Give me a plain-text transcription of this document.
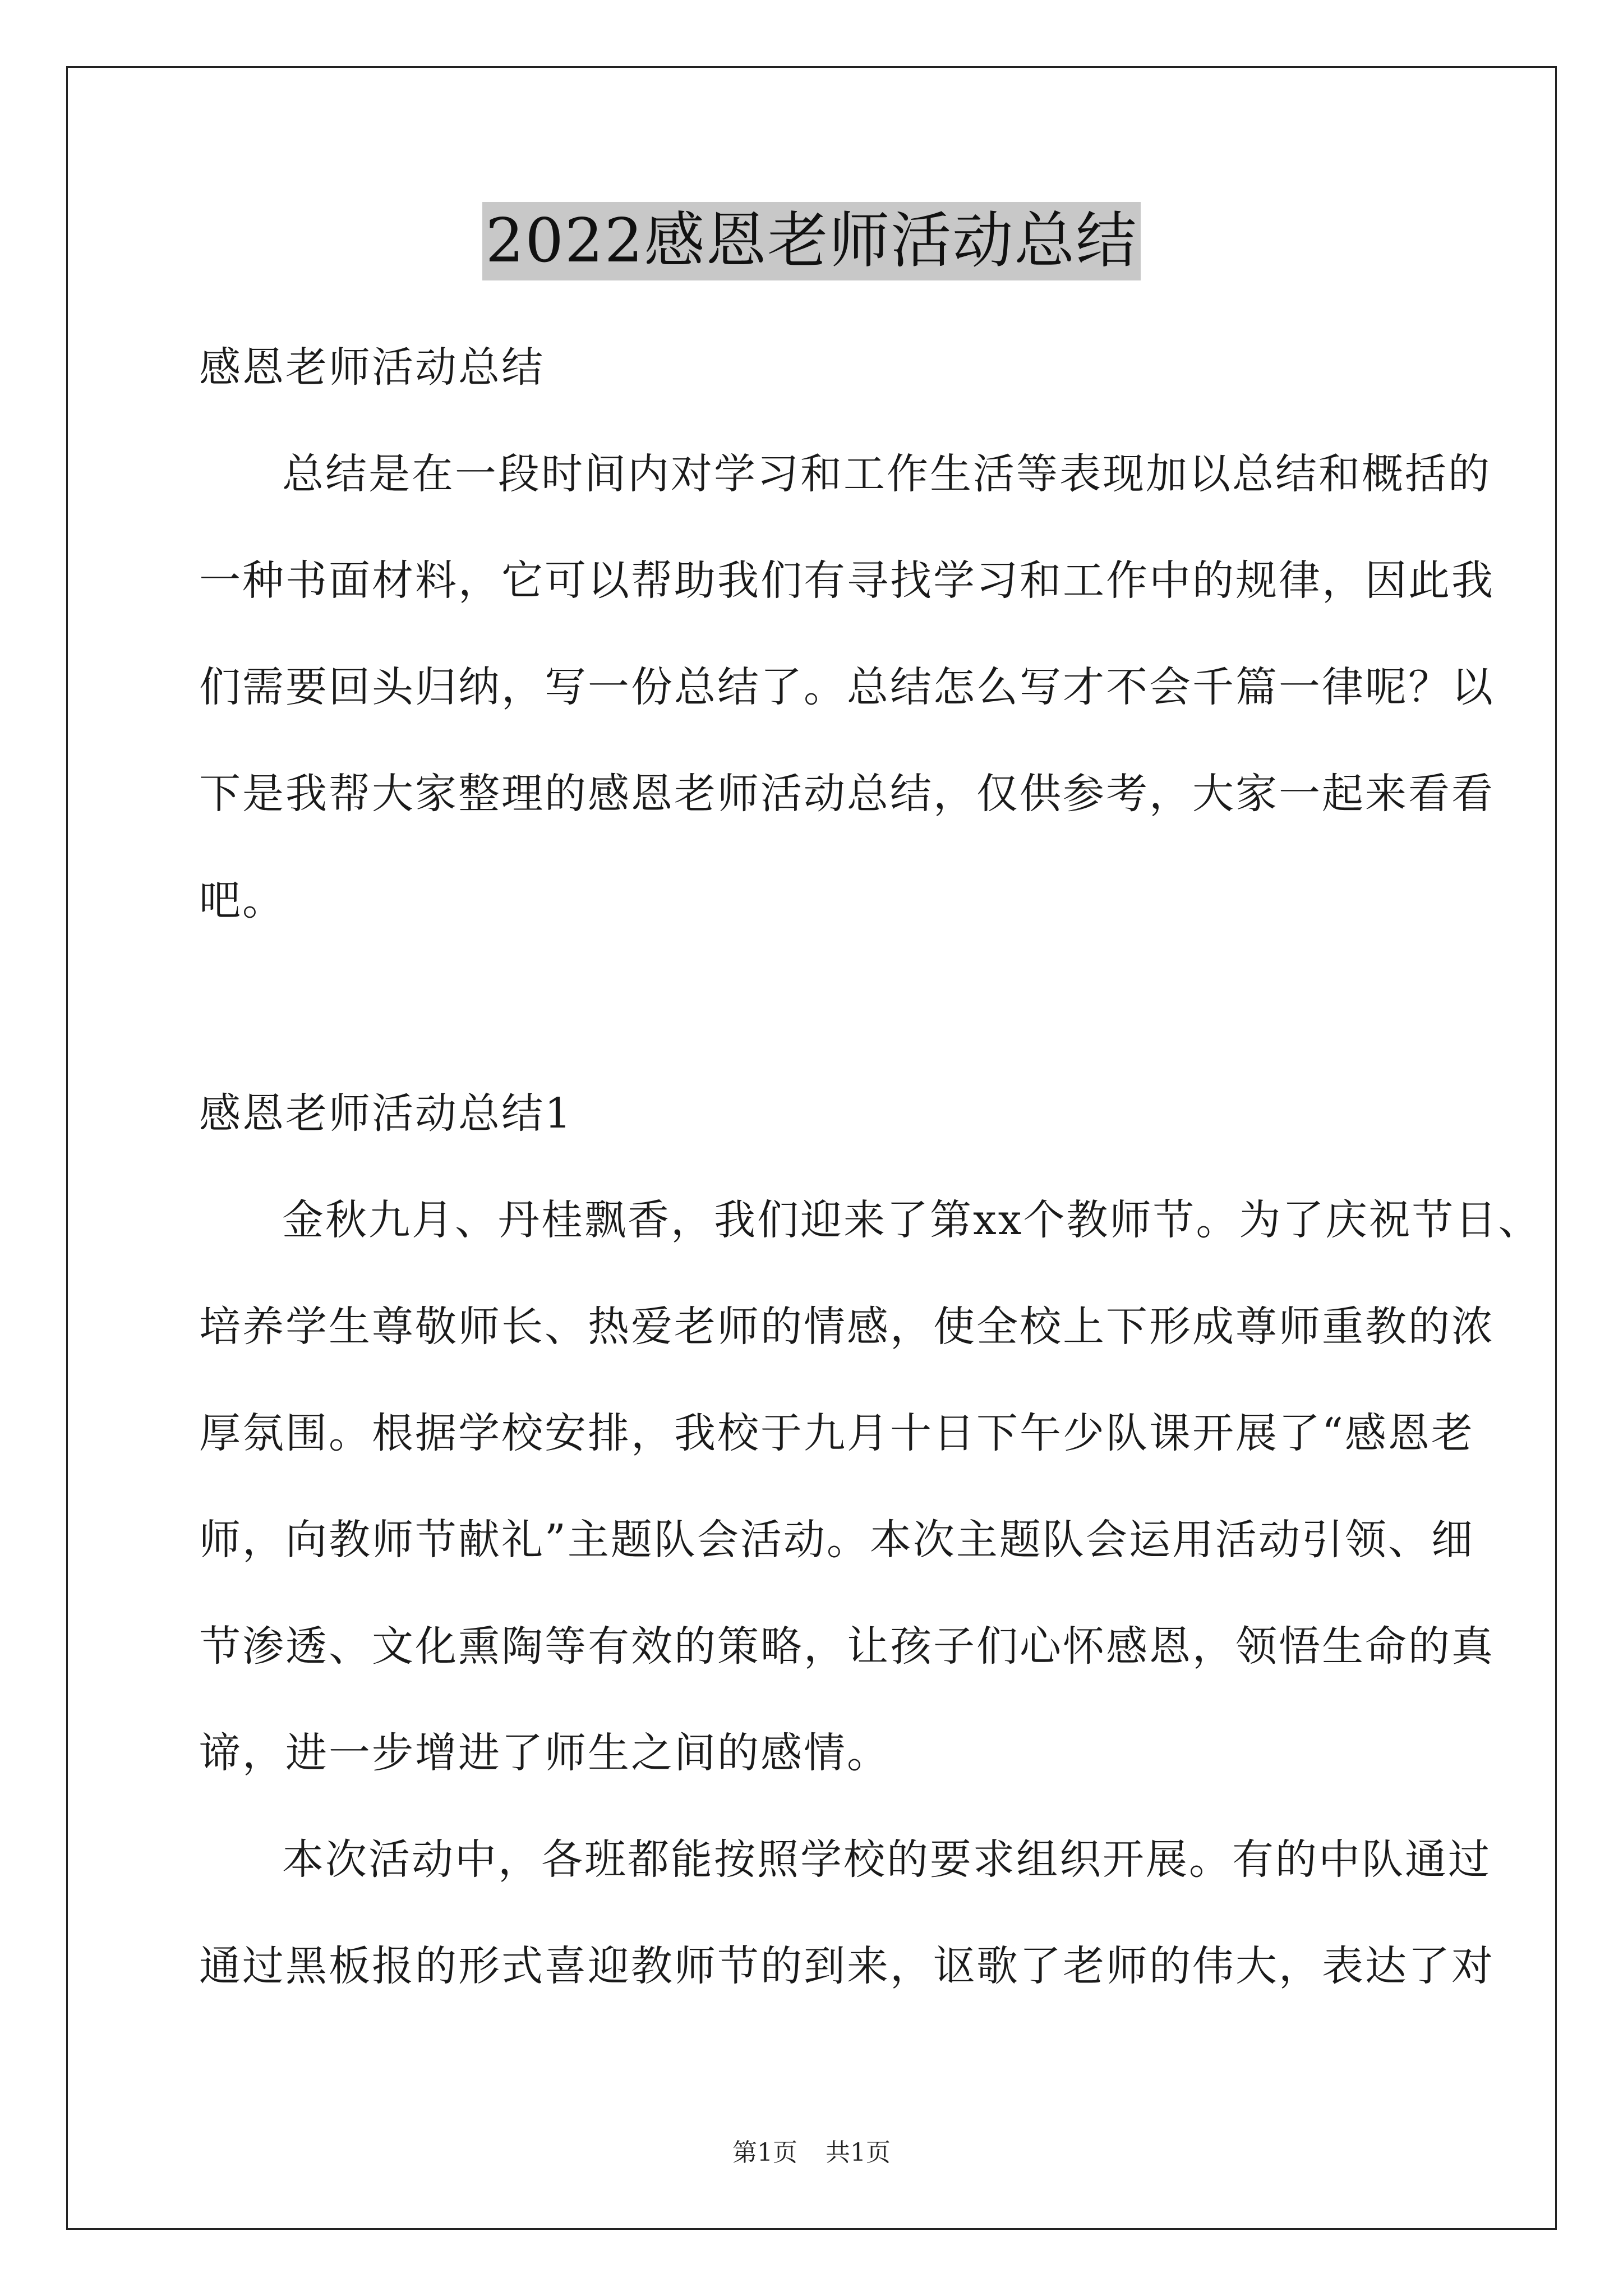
2022感恩老师活动总结
感恩老师活动总结
总结是在一段时间内对学习和工作生活等表现加以总结和概括的
一种书面材料，它可以帮助我们有寻找学习和工作中的规律，因此我
们需要回头归纳，写一份总结了。总结怎么写才不会千篇一律呢？以
下是我帮大家整理的感恩老师活动总结，仅供参考，大家一起来看看
吧。
感恩老师活动总结1
金秋九月、丹桂飘香，我们迎来了第xx个教师节。为了庆祝节日、
培养学生尊敬师长、热爱老师的情感，使全校上下形成尊师重教的浓
厚氛围。根据学校安排，我校于九月十日下午少队课开展了“感恩老
师，向教师节献礼”主题队会活动。本次主题队会运用活动引领、细
节渗透、文化熏陶等有效的策略，让孩子们心怀感恩，领悟生命的真
谛，进一步增进了师生之间的感情。
本次活动中，各班都能按照学校的要求组织开展。有的中队通过
通过黑板报的形式喜迎教师节的到来，讴歌了老师的伟大，表达了对
第1页 共1页
